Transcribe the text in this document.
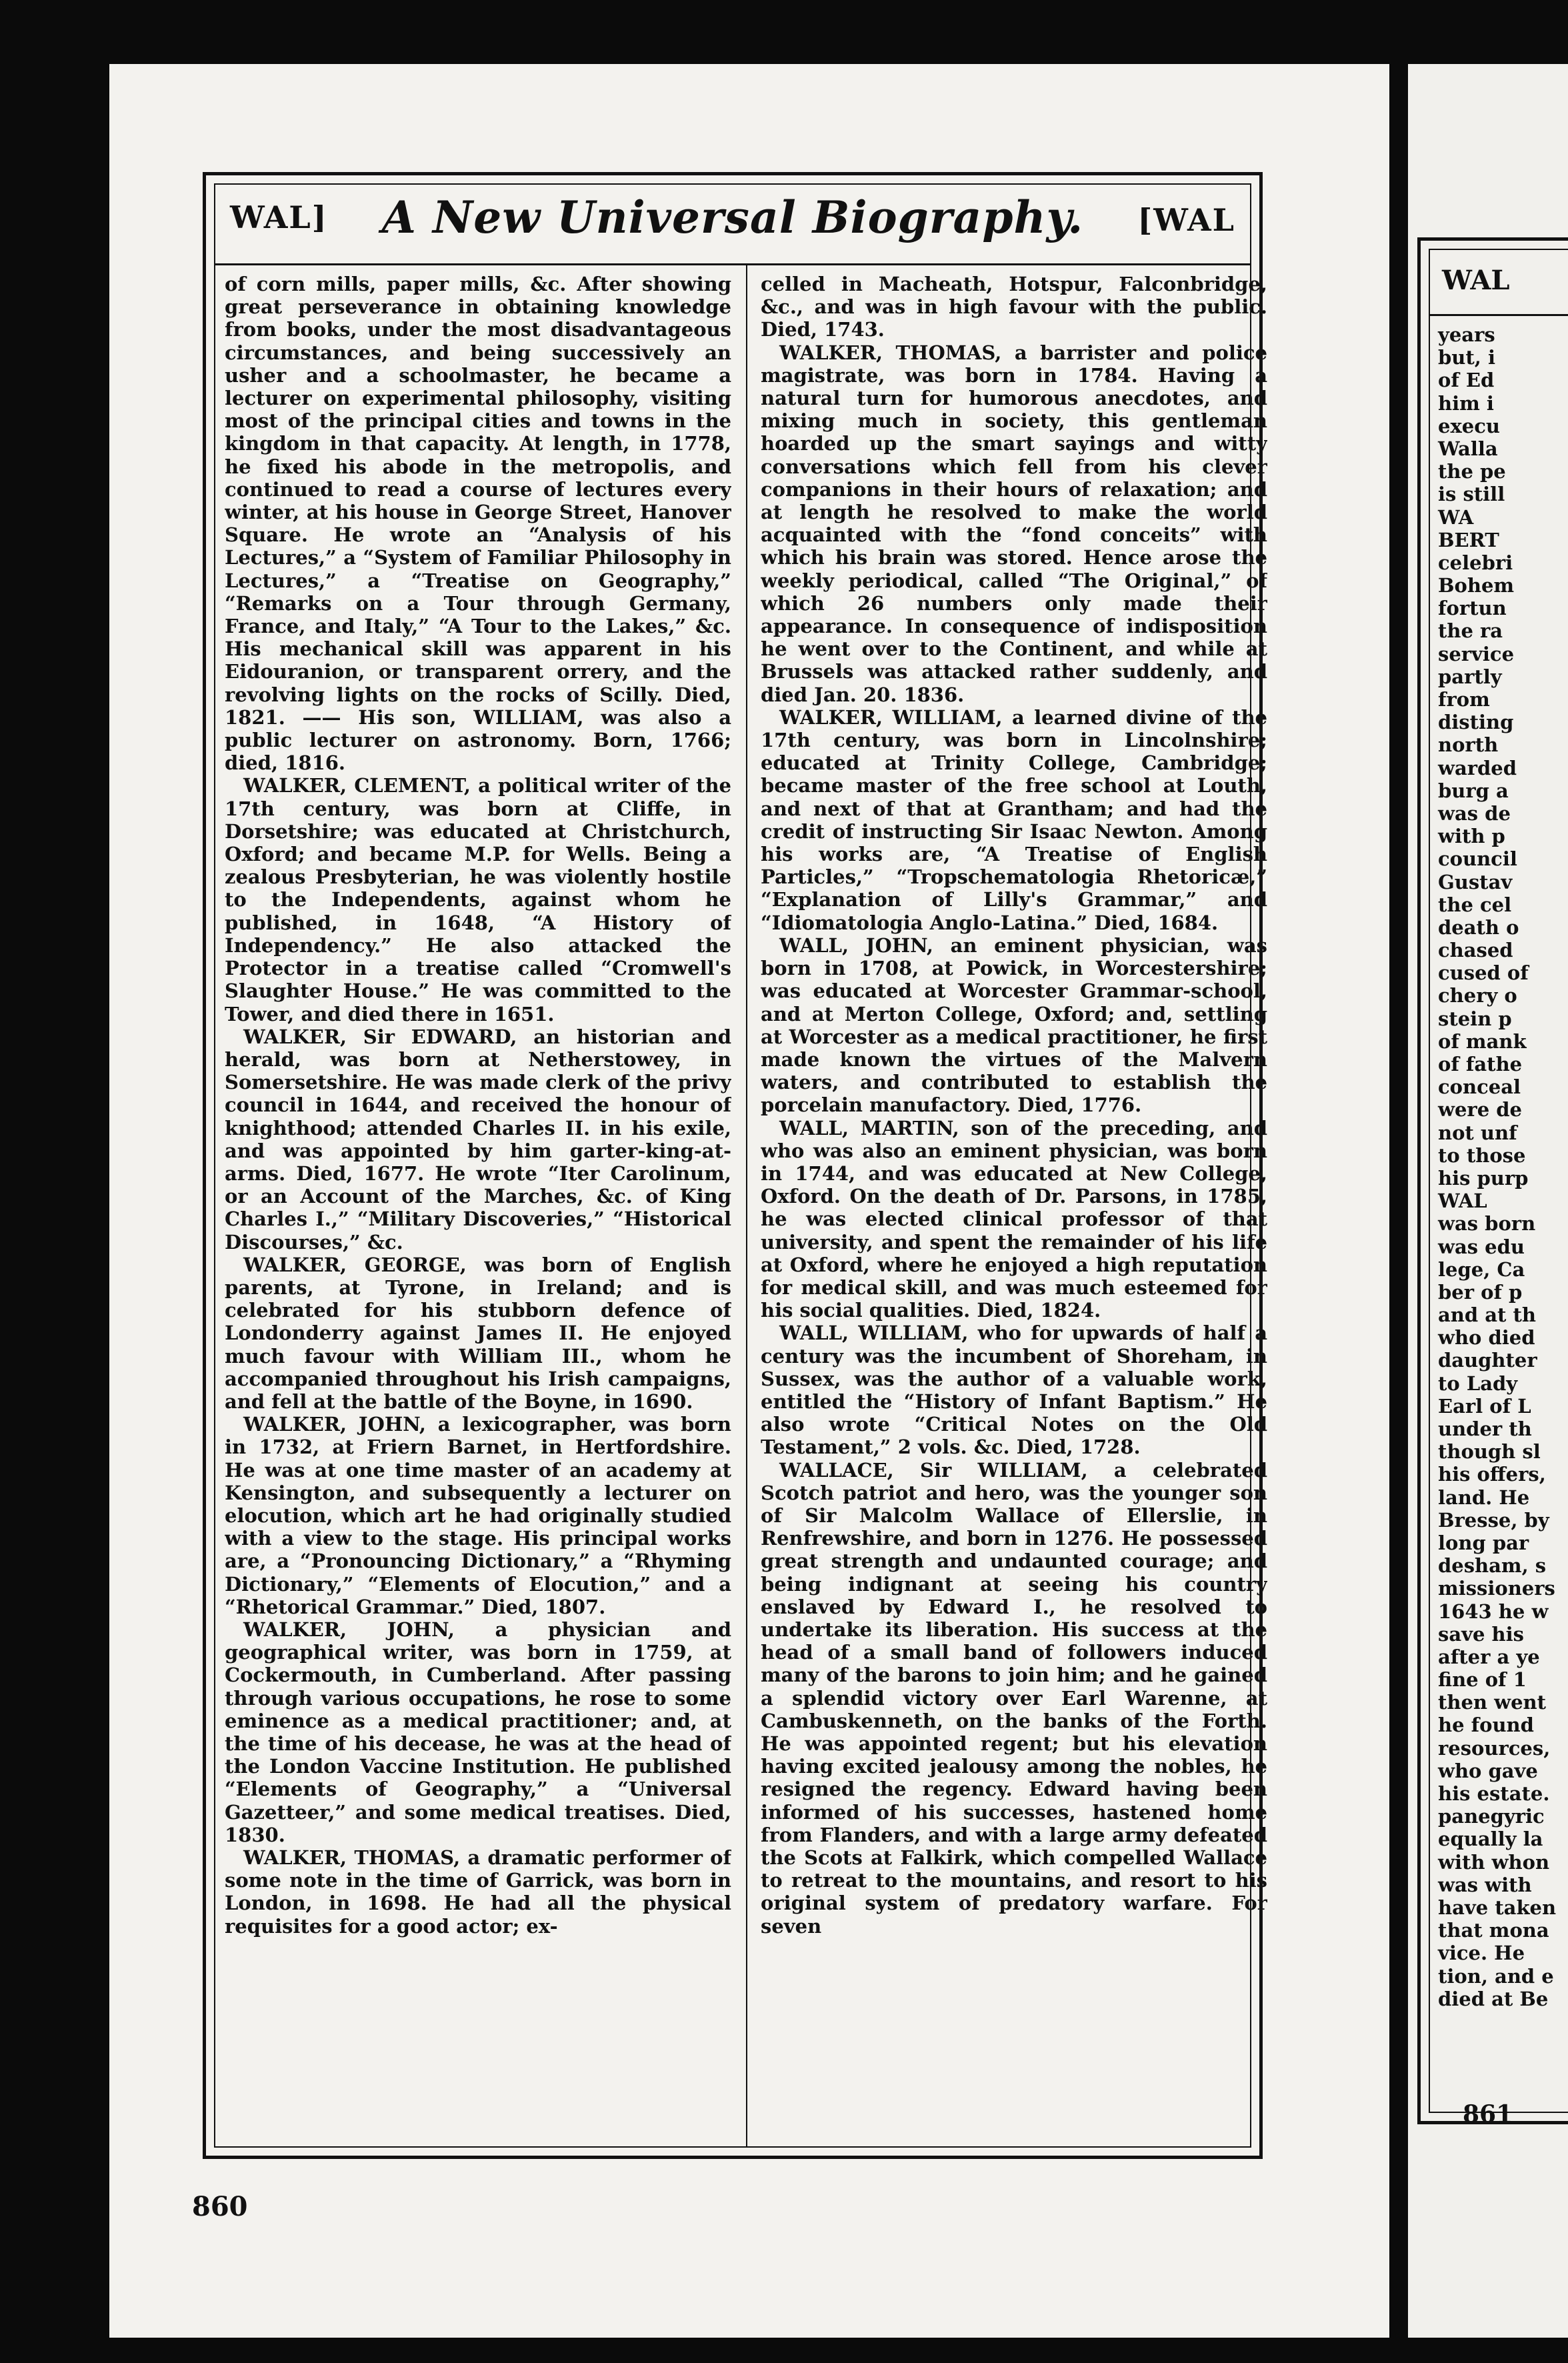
WAL]	A New Universal Biography.	[WAL

of corn mills, paper mills, &c. After showing great perseverance in obtaining knowledge from books, under the most disadvantageous circumstances, and being successively an usher and a schoolmaster, he became a lecturer on experimental philosophy, visiting most of the principal cities and towns in the kingdom in that capacity. At length, in 1778, he fixed his abode in the metropolis, and continued to read a course of lectures every winter, at his house in George Street, Hanover Square. He wrote an “Analysis of his Lectures,” a “System of Familiar Philosophy in Lectures,” a “Treatise on Geography,” “Remarks on a Tour through Germany, France, and Italy,” “A Tour to the Lakes,” &c. His mechanical skill was apparent in his Eidouranion, or transparent orrery, and the revolving lights on the rocks of Scilly. Died, 1821. —— His son, WILLIAM, was also a public lecturer on astronomy. Born, 1766; died, 1816.

WALKER, CLEMENT, a political writer of the 17th century, was born at Cliffe, in Dorsetshire; was educated at Christchurch, Oxford; and became M.P. for Wells. Being a zealous Presbyterian, he was violently hostile to the Independents, against whom he published, in 1648, “A History of Independency.” He also attacked the Protector in a treatise called “Cromwell's Slaughter House.” He was committed to the Tower, and died there in 1651.

WALKER, Sir EDWARD, an historian and herald, was born at Netherstowey, in Somersetshire. He was made clerk of the privy council in 1644, and received the honour of knighthood; attended Charles II. in his exile, and was appointed by him garter-king-at-arms. Died, 1677. He wrote “Iter Carolinum, or an Account of the Marches, &c. of King Charles I.,” “Military Discoveries,” “Historical Discourses,” &c.

WALKER, GEORGE, was born of English parents, at Tyrone, in Ireland; and is celebrated for his stubborn defence of Londonderry against James II. He enjoyed much favour with William III., whom he accompanied throughout his Irish campaigns, and fell at the battle of the Boyne, in 1690.

WALKER, JOHN, a lexicographer, was born in 1732, at Friern Barnet, in Hertfordshire. He was at one time master of an academy at Kensington, and subsequently a lecturer on elocution, which art he had originally studied with a view to the stage. His principal works are, a “Pronouncing Dictionary,” a “Rhyming Dictionary,” “Elements of Elocution,” and a “Rhetorical Grammar.” Died, 1807.

WALKER, JOHN, a physician and geographical writer, was born in 1759, at Cockermouth, in Cumberland. After passing through various occupations, he rose to some eminence as a medical practitioner; and, at the time of his decease, he was at the head of the London Vaccine Institution. He published “Elements of Geography,” a “Universal Gazetteer,” and some medical treatises. Died, 1830.

WALKER, THOMAS, a dramatic performer of some note in the time of Garrick, was born in London, in 1698. He had all the physical requisites for a good actor; ex-

celled in Macheath, Hotspur, Falconbridge, &c., and was in high favour with the public. Died, 1743.

WALKER, THOMAS, a barrister and police magistrate, was born in 1784. Having a natural turn for humorous anecdotes, and mixing much in society, this gentleman hoarded up the smart sayings and witty conversations which fell from his clever companions in their hours of relaxation; and at length he resolved to make the world acquainted with the “fond conceits” with which his brain was stored. Hence arose the weekly periodical, called “The Original,” of which 26 numbers only made their appearance. In consequence of indisposition he went over to the Continent, and while at Brussels was attacked rather suddenly, and died Jan. 20. 1836.

WALKER, WILLIAM, a learned divine of the 17th century, was born in Lincolnshire; educated at Trinity College, Cambridge; became master of the free school at Louth, and next of that at Grantham; and had the credit of instructing Sir Isaac Newton. Among his works are, “A Treatise of English Particles,” “Tropschematologia Rhetoricæ,” “Explanation of Lilly's Grammar,” and “Idiomatologia Anglo-Latina.” Died, 1684.

WALL, JOHN, an eminent physician, was born in 1708, at Powick, in Worcestershire; was educated at Worcester Grammar-school, and at Merton College, Oxford; and, settling at Worcester as a medical practitioner, he first made known the virtues of the Malvern waters, and contributed to establish the porcelain manufactory. Died, 1776.

WALL, MARTIN, son of the preceding, and who was also an eminent physician, was born in 1744, and was educated at New College, Oxford. On the death of Dr. Parsons, in 1785, he was elected clinical professor of that university, and spent the remainder of his life at Oxford, where he enjoyed a high reputation for medical skill, and was much esteemed for his social qualities. Died, 1824.

WALL, WILLIAM, who for upwards of half a century was the incumbent of Shoreham, in Sussex, was the author of a valuable work, entitled the “History of Infant Baptism.” He also wrote “Critical Notes on the Old Testament,” 2 vols. &c. Died, 1728.

WALLACE, Sir WILLIAM, a celebrated Scotch patriot and hero, was the younger son of Sir Malcolm Wallace of Ellerslie, in Renfrewshire, and born in 1276. He possessed great strength and undaunted courage; and being indignant at seeing his country enslaved by Edward I., he resolved to undertake its liberation. His success at the head of a small band of followers induced many of the barons to join him; and he gained a splendid victory over Earl Warenne, at Cambuskenneth, on the banks of the Forth. He was appointed regent; but his elevation having excited jealousy among the nobles, he resigned the regency. Edward having been informed of his successes, hastened home from Flanders, and with a large army defeated the Scots at Falkirk, which compelled Wallace to retreat to the mountains, and resort to his original system of predatory warfare. For seven

860
WAL
years
but, i
of Ed
him i
execu
Walla
the pe
is still
WA
BERT
celebri
Bohem
fortun
the ra
service
partly
from
disting
north
warded
burg a
was de
with p
council
Gustav
the cel
death o
chased
cused of
chery o
stein p
of mank
of fathe
conceal
were de
not unf
to those
his purp
WAL
was born
was edu
lege, Ca
ber of p
and at th
who died
daughter
to Lady
Earl of L
under th
though sl
his offers,
land. He
Bresse, by
long par
desham, s
missioners
1643 he w
save his
after a ye
fine of 1
then went
he found
resources,
who gave
his estate.
panegyric
equally la
with whon
was with
have taken
that mona
vice. He
tion, and e
died at Be
861
